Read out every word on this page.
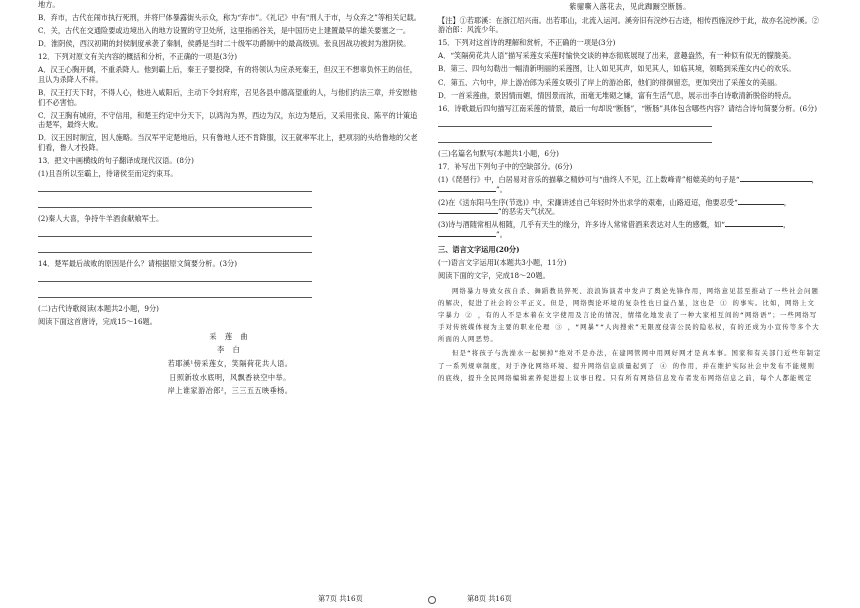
地方。

B．弃市，古代在闹市执行死刑，并将尸体暴露街头示众，称为“弃市”。《礼记》中有“刑人于市，与众弃之”等相关记载。

C．关，古代在交通险要或边境出入的地方设置的守卫处所，这里指函谷关，是中国历史上建置最早的雄关要塞之一。

D．淮阴侯，西汉初期的封侯制度承袭了秦制，侯爵是当时二十级军功爵制中的最高级别。张良因战功被封为淮阴侯。

12．下列对原文有关内容的概括和分析，不正确的一项是(3分)

A．汉王心胸开阔，不重杀降人。他到霸上后，秦王子婴投降，有的将领认为应杀死秦王，但汉王不想辜负怀王的信任，且认为杀降人不祥。

B．汉王打天下时，不得人心，他进入咸阳后，主动下令封府库，召见各县中德高望重的人，与他们约法三章，并安慰他们不必害怕。

C．汉王胸有城府，不守信用，和楚王约定中分天下，以鸿沟为界，西边为汉，东边为楚后，又采用张良、陈平的计策追击楚军，最终大败。

D．汉王因时制宜，因人施略。当汉军平定楚地后，只有鲁地人还不肯降服，汉王就率军北上，把项羽的头给鲁地的父老们看，鲁人才投降。

13．把文中画横线的句子翻译成现代汉语。(8分)

(1)且吾所以至霸上，待诸侯至而定约束耳。

(2)秦人大喜，争持牛羊酒食献飨军士。

14．楚军最后战败的原因是什么？请根据原文简要分析。(3分)

(二)古代诗歌阅读(本题共2小题，9分)

阅读下面这首唐诗，完成15～16题。

采 莲 曲

李 白

若耶溪¹傍采莲女，笑隔荷花共人语。

日照新妆水底明，风飘香袂空中举。

岸上谁家游冶郎²，三三五五映垂杨。

紫骝嘶入落花去，见此踟蹰空断肠。

【注】①若耶溪：在浙江绍兴南。出若耶山，北流入运河。溪旁旧有浣纱石古迹，相传西施浣纱于此，故亦名浣纱溪。②游冶郎：风流少年。

15．下列对这首诗的理解和赏析，不正确的一项是(3分)

A．“笑隔荷花共人语”描写采莲女采莲时愉快交谈的神态彻底展现了出来，意趣盎然，有一种似有似无的朦胧美。

B．第三、四句勾勒出一幅清新明丽的采莲图，让人如见其声，如见其人，如临其境，领略到采莲女内心的欢乐。

C．第五、六句中，岸上游冶郎为采莲女吸引了岸上的游冶郎，他们的徘徊留恋，更加突出了采莲女的美丽。

D．一首采莲曲，景因情而媚，情因景而浓，而毫无堆砌之嫌，富有生活气息，展示出李白诗歌清新脱俗的特点。

16．诗歌最后四句描写江南采莲的情景，最后一句却说“断肠”，“断肠”具体包含哪些内容？请结合诗句简要分析。(6分)

(三)名篇名句默写(本题共1小题，6分)

17．补写出下列句子中的空缺部分。(6分)

(1)《琵琶行》中，白居易对音乐的描摹之精妙可与“曲终人不见，江上数峰青”相媲美的句子是“	，”。

(2)在《送东阳马生序(节选)》中，宋濂讲述自己年轻时外出求学的艰难，山路迢迢，他要忍受“	，”的恶劣天气状况。

(3)诗与酒随常相从相随，几乎有天生的缘分，许多诗人常常借酒来表达对人生的感慨，如“	，”。

三、语言文字运用(20分)

(一)语言文字运用Ⅰ(本题共3小题，11分)

阅读下面的文字，完成18～20题。

网络暴力导致女孩自杀、舞蹈教员猝死、浪浪饰演者中发声了舆论先锋作用，网络意见甚至推动了一些社会问题的解决，促进了社会的公平正义。但是，网络舆论环境的复杂性也日益凸显，这也是 ① 的事实。比如，网络上文字暴力 ② ，有的人不是本着在文字使用及言论的情况，情绪化地发表了一种大家相互间的“网络语”；一些网络写手对传统媒体视为主要的职业伦理 ③ ，“网暴”“人肉搜索”无限度侵害公民的隐私权，有的还成为小宣传等多个大所面的人网恶势。

但是“将孩子与洗澡水一起倒掉”绝对不是办法，在建网管网中用网好网才是真本事。国家和有关部门近些年制定了一系列规章制度，对于净化网络环境、提升网络信息质量起到了 ④ 的作用，并在维护实际社会中发布不能规则的底线，提升全民网络编辑素养促进提上议事日程。只有所有网络信息发布者发布网络信息之前，每个人都能规定

第7页 共16页	第8页 共16页
